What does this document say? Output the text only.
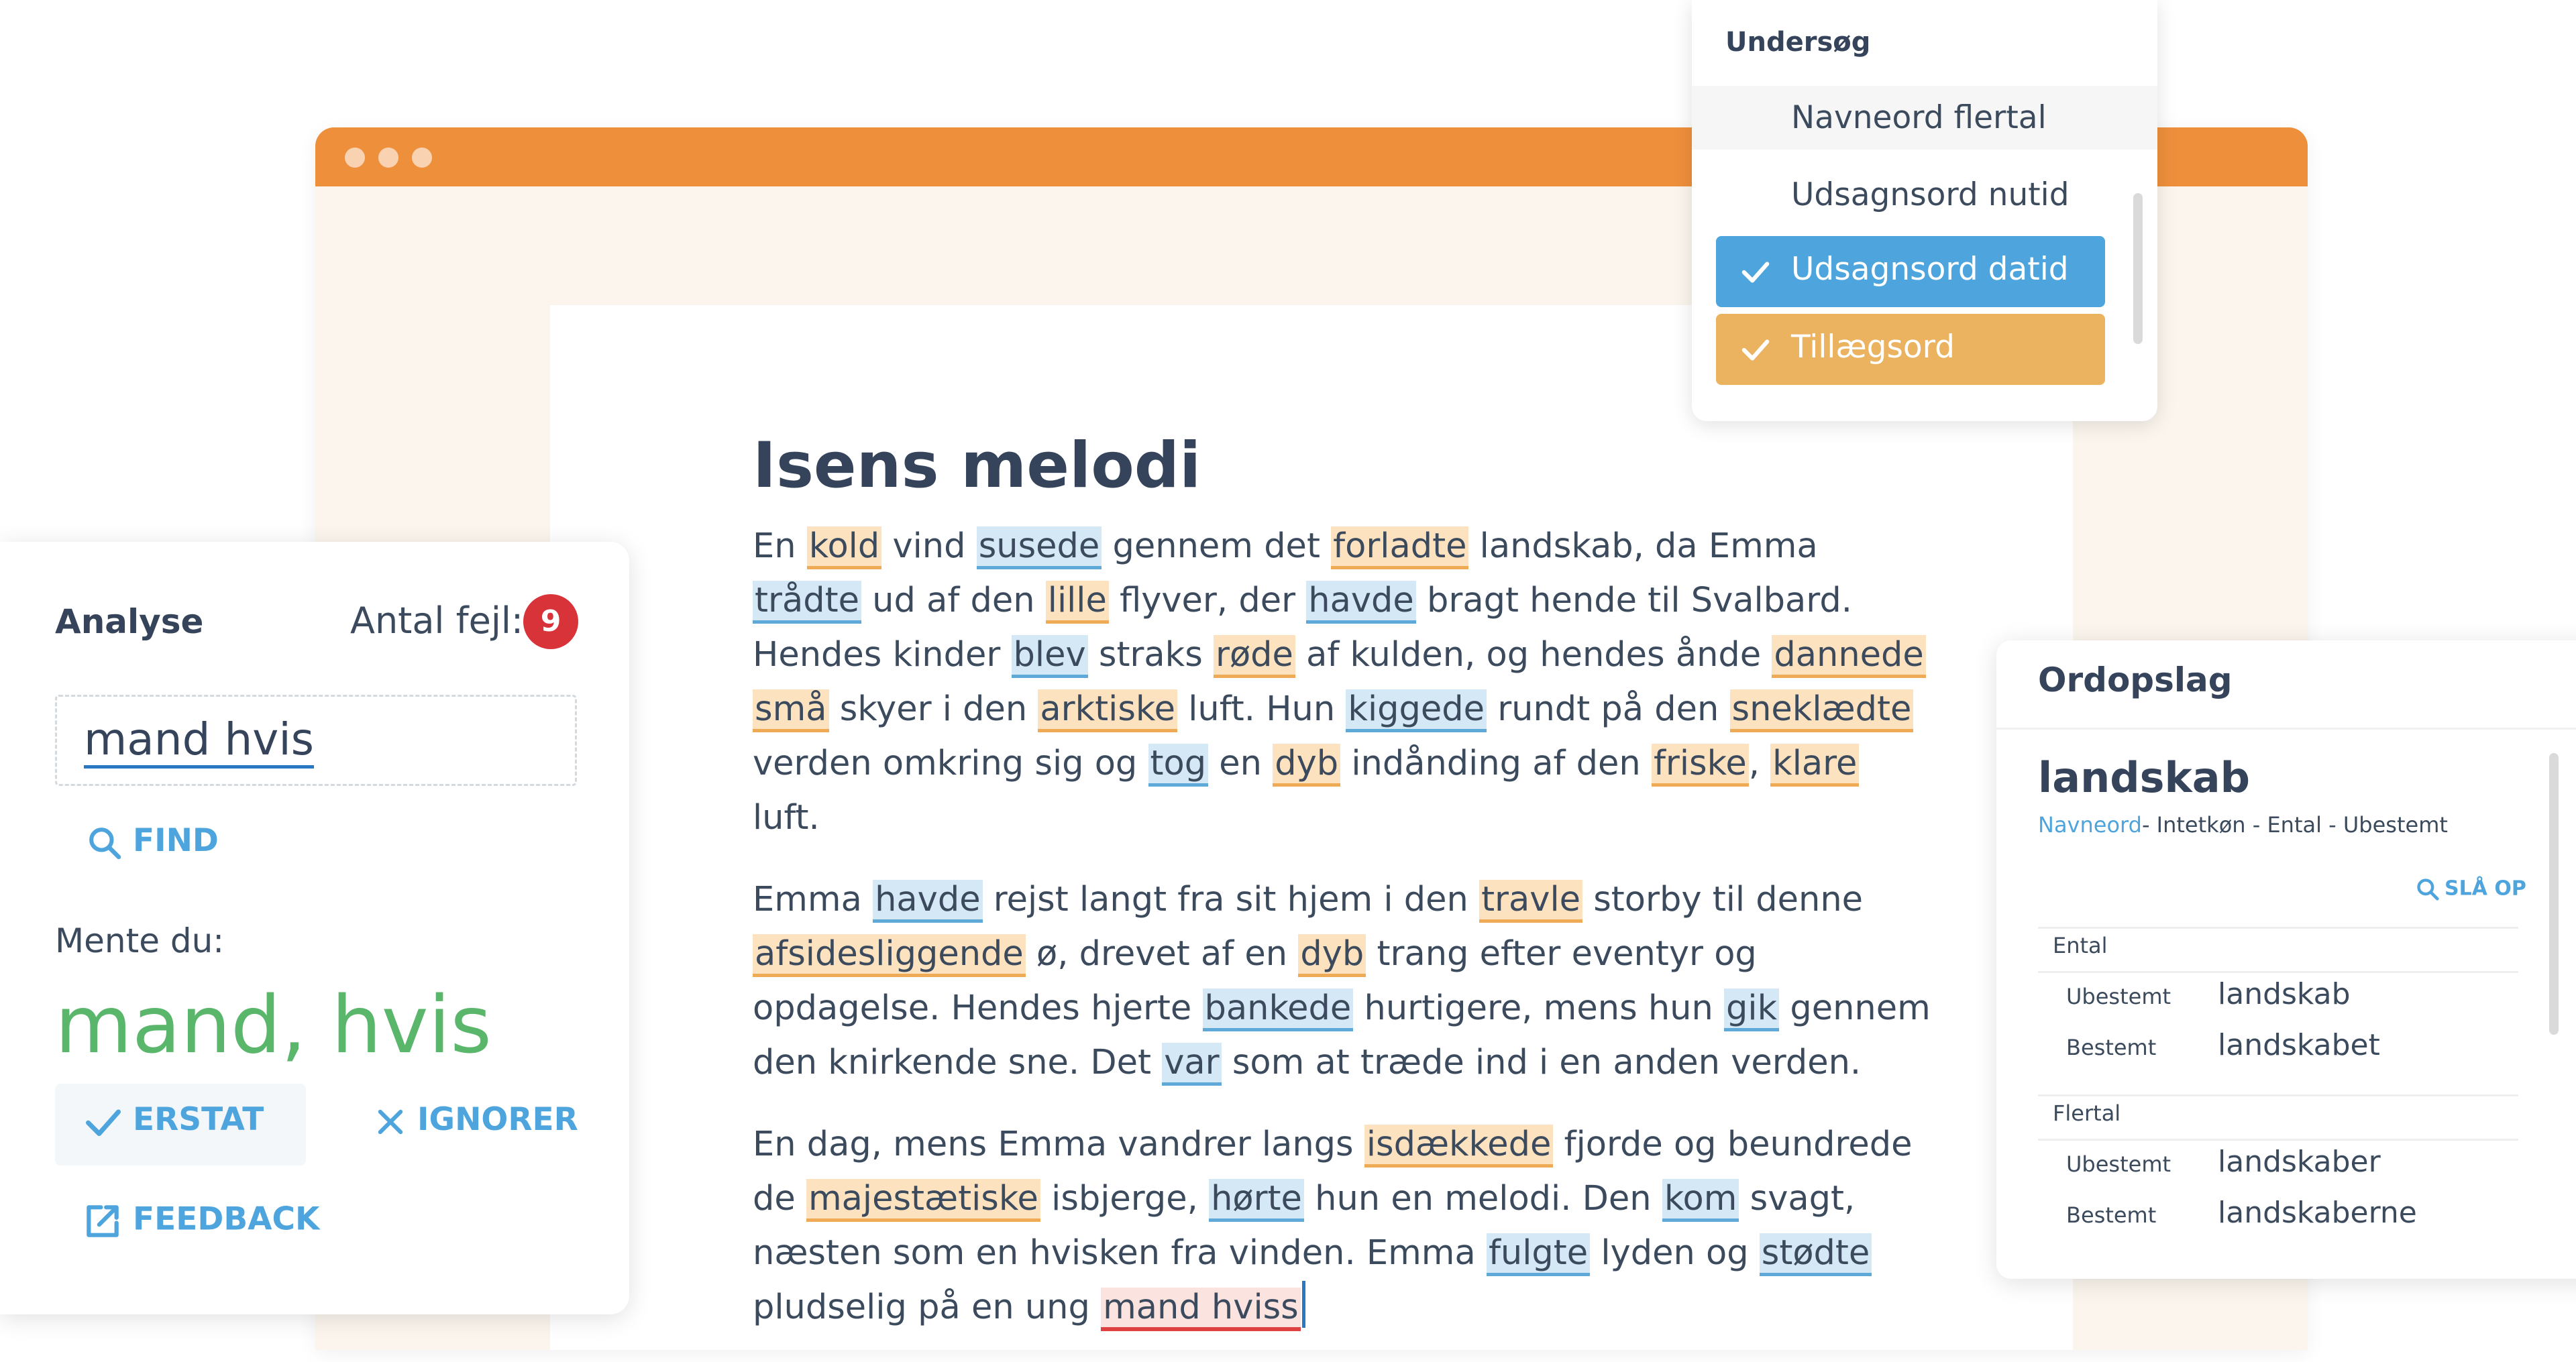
Isens melodi

En kold vind susede gennem det forladte landskab, da Emma trådte ud af den lille flyver, der havde bragt hende til Svalbard. Hendes kinder blev straks røde af kulden, og hendes ånde dannede små skyer i den arktiske luft. Hun kiggede rundt på den sneklædte verden omkring sig og tog en dyb indånding af den friske, klare luft.

Emma havde rejst langt fra sit hjem i den travle storby til denne afsidesliggende ø, drevet af en dyb trang efter eventyr og opdagelse. Hendes hjerte bankede hurtigere, mens hun gik gennem den knirkende sne. Det var som at træde ind i en anden verden.

En dag, mens Emma vandrer langs isdækkede fjorde og beundrede de majestætiske isbjerge, hørte hun en melodi. Den kom svagt, næsten som en hvisken fra vinden. Emma fulgte lyden og stødte pludselig på en ung mand hviss

Undersøg
Navneord flertal
Udsagnsord nutid
Udsagnsord datid
Tillægsord
Analyse	Antal fejl: 9
mand hvis
FIND
Mente du:
mand, hvis
ERSTAT	IGNORER
FEEDBACK
Ordopslag
landskab
Navneord- Intetkøn - Ental - Ubestemt
SLÅ OP
Ental
Ubestemt landskab
Bestemt landskabet
Flertal
Ubestemt landskaber
Bestemt landskaberne
